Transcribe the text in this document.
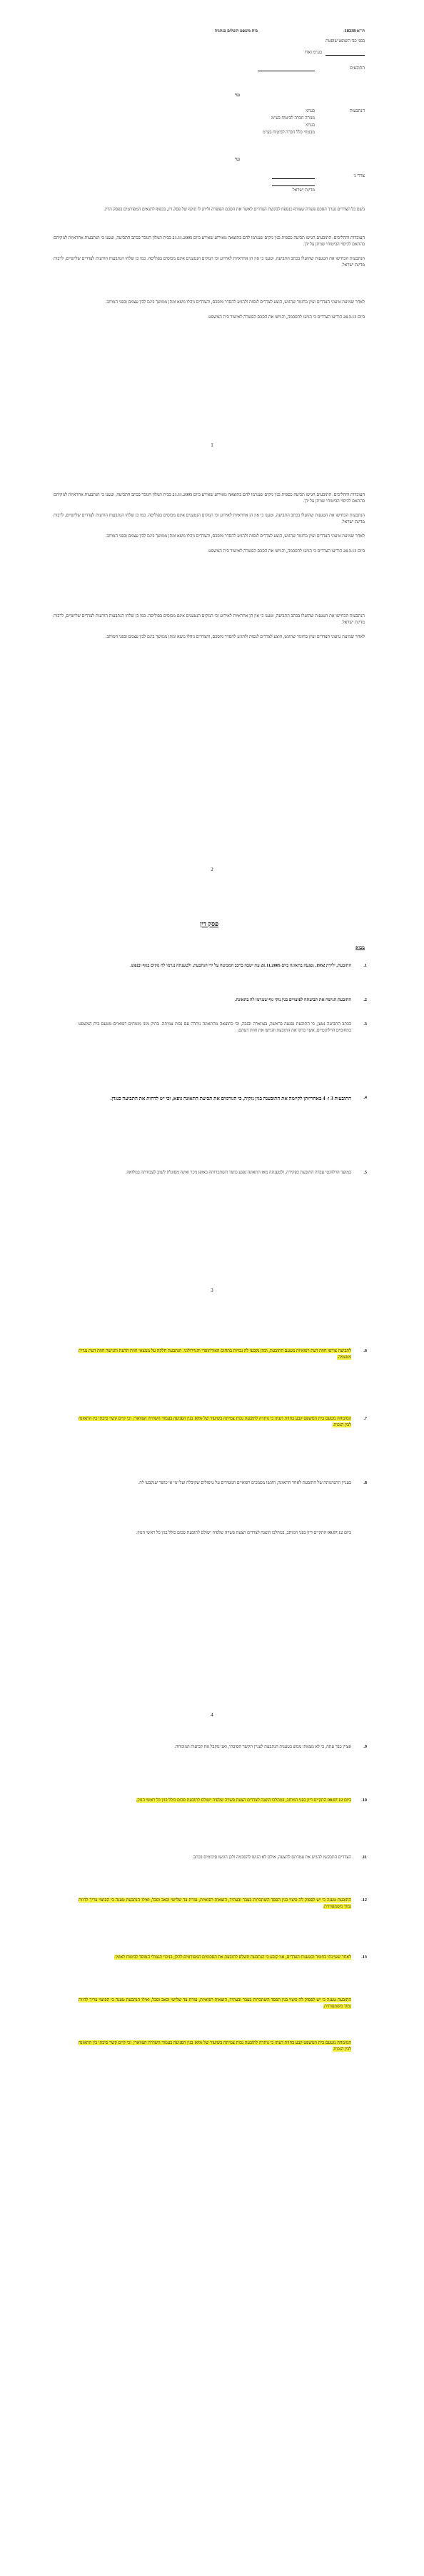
ת"א 18238-
בית משפט השלום בנתניה
בפני כב' השופט שופטת
בע"מ ואח'
התובעים
נגד
הנתבעות
בע"מ
מנורה חברה לביטוח בע"מ
בע"מ
מבטחי כלל חברה לביטוח בע"מ
נגד
צדדי ג'
מדינת ישראל

בשם כל הצדדים נערך הסכם פשרה שצורף כנספח לבקשת הצדדים לאשר את הסכם הפשרה וליתן לו תוקף של פסק דין, בכפוף לתנאים המפורטים בפסק הדין.

העובדות וההליכים: התובעים הגישו תביעה כספית בגין נזקים שנגרמו להם כתוצאה מאירוע שאירע ביום 21.11.2005 בבית המלון הנזכר בכתב התביעה, וטענו כי הנתבעות אחראיות לנזקיהם בהתאם לכיסוי הביטוחי שניתן על ידן.

הנתבעות הכחישו את הטענות שהועלו בכתב התביעה, וטענו כי אין הן אחראיות לאירוע וכי הנזקים הנטענים אינם מכוסים בפוליסה. כמו כן שלחו הנתבעות הודעות לצדדים שלישיים, לרבות מדינת ישראל.

לאחר שמיעת טיעוני הצדדים ועיון בחומר שהוגש, הוצע לצדדים לנסות ולהגיע להסדר מוסכם, והצדדים ניהלו משא ומתן ממושך בינם לבין עצמם ובפני המותב.

ביום 24.3.13 הודיעו הצדדים כי הגיעו להסכמה, והגישו את הסכם הפשרה לאישור בית המשפט.

1

העובדות וההליכים: התובעים הגישו תביעה כספית בגין נזקים שנגרמו להם כתוצאה מאירוע שאירע ביום 21.11.2005 בבית המלון הנזכר בכתב התביעה, וטענו כי הנתבעות אחראיות לנזקיהם בהתאם לכיסוי הביטוחי שניתן על ידן.

הנתבעות הכחישו את הטענות שהועלו בכתב התביעה, וטענו כי אין הן אחראיות לאירוע וכי הנזקים הנטענים אינם מכוסים בפוליסה. כמו כן שלחו הנתבעות הודעות לצדדים שלישיים, לרבות מדינת ישראל.

לאחר שמיעת טיעוני הצדדים ועיון בחומר שהוגש, הוצע לצדדים לנסות ולהגיע להסדר מוסכם, והצדדים ניהלו משא ומתן ממושך בינם לבין עצמם ובפני המותב.

ביום 24.3.13 הודיעו הצדדים כי הגיעו להסכמה, והגישו את הסכם הפשרה לאישור בית המשפט.

הנתבעות הכחישו את הטענות שהועלו בכתב התביעה, וטענו כי אין הן אחראיות לאירוע וכי הנזקים הנטענים אינם מכוסים בפוליסה. כמו כן שלחו הנתבעות הודעות לצדדים שלישיים, לרבות מדינת ישראל.

לאחר שמיעת טיעוני הצדדים ועיון בחומר שהוגש, הוצע לצדדים לנסות ולהגיע להסדר מוסכם, והצדדים ניהלו משא ומתן ממושך בינם לבין עצמם ובפני המותב.

2
פסק דין
מבוא
1.

התובעת, ילידת 1952, נפגעה בתאונה ביום 21.11.2005 עת ישבה ברכב המבוטח על ידי הנתבעת, ולטענתה נגרמו לה נזקים בגוף ובנפש.

2.

התובעת הגישה את תביעתה לפיצויים בגין נזקי גוף שנגרמו לה בתאונה.

3.

בכתב התביעה נטען, כי התובעת נפגעה בראשה, בצווארה ובגבה, וכי כתוצאה מהתאונה נותרה עם נכות צמיתה. בתיק מונו מומחים רפואיים מטעם בית המשפט בתחומים הרלוונטיים, אשר בדקו את התובעת והגישו את חוות דעתם.

4.

התובעות 3 ו- 4 באחריותן לקיומה את התובענה בגין נזקיה, כי הגורמים את תביעת התאונה גופא, וכי יש לדחות את התביעה כנגדן.

5.

במועד הרלוונטי עבדה התובעת כפקידה, ולטענתה מאז התאונה נפגע כושר השתכרותה באופן ניכר ואינה מסוגלת לשוב לעבודתה במלואה.

3
6.

לתביעה צורפו חוות דעת רפואיות מטעם התובעת, ובהן נקבעו לה נכויות בתחום האורתופדי והנוירולוגי. הנתבעת חלקה על ממצאי חוות הדעת והגישה חוות דעת נגדית מטעמה.

7.

המומחה מטעם בית המשפט קבע בחוות דעתו כי נותרה לתובעת נכות צמיתה בשיעור של 10% בגין הפגיעה בעמוד השדרה הצווארי, וכי קיים קשר סיבתי בין התאונה לבין הנכות.

8.

בעניין התנהגותה של התובעת לאחר התאונה, הוגשו מסמכים רפואיים המעידים על טיפולים שקיבלה ועל ימי אי כושר שנקבעו לה.

ביום 08.07.12 התקיים דיון בפני המותב, במהלכו הוצגה לצדדים הצעת פשרה שלפיה ישולם לתובעת סכום כולל בגין כל ראשי הנזק.

4
9.

אציין כבר עתה, כי לא מצאתי ממש בטענות הנתבעת לעניין הקשר הסיבתי, ואני מקבל את קביעות המומחה.

10.

ביום 08.07.12 התקיים דיון בפני המותב, במהלכו הוצגה לצדדים הצעת פשרה שלפיה ישולם לתובעת סכום כולל בגין כל ראשי הנזק.

11.

הצדדים התבקשו להגיש את עמדתם להצעה, אולם לא הגיעו להסכמה ולכן הוגשו סיכומים בכתב.

12.

התובעת טענה כי יש לפסוק לה פיצוי בגין הפסד השתכרות בעבר ובעתיד, הוצאות רפואיות, עזרת צד שלישי וכאב וסבל, ואילו הנתבעת טענה כי הפיצוי צריך להיות נמוך משמעותית.

13.

לאחר שעיינתי בחומר ובטענות הצדדים, אני קובע כי הנתבעת תשלם לתובעת את הסכומים המפורטים להלן, בניכוי תגמולי המוסד לביטוח לאומי.

התובעת טענה כי יש לפסוק לה פיצוי בגין הפסד השתכרות בעבר ובעתיד, הוצאות רפואיות, עזרת צד שלישי וכאב וסבל, ואילו הנתבעת טענה כי הפיצוי צריך להיות נמוך משמעותית.

המומחה מטעם בית המשפט קבע בחוות דעתו כי נותרה לתובעת נכות צמיתה בשיעור של 10% בגין הפגיעה בעמוד השדרה הצווארי, וכי קיים קשר סיבתי בין התאונה לבין הנכות.
